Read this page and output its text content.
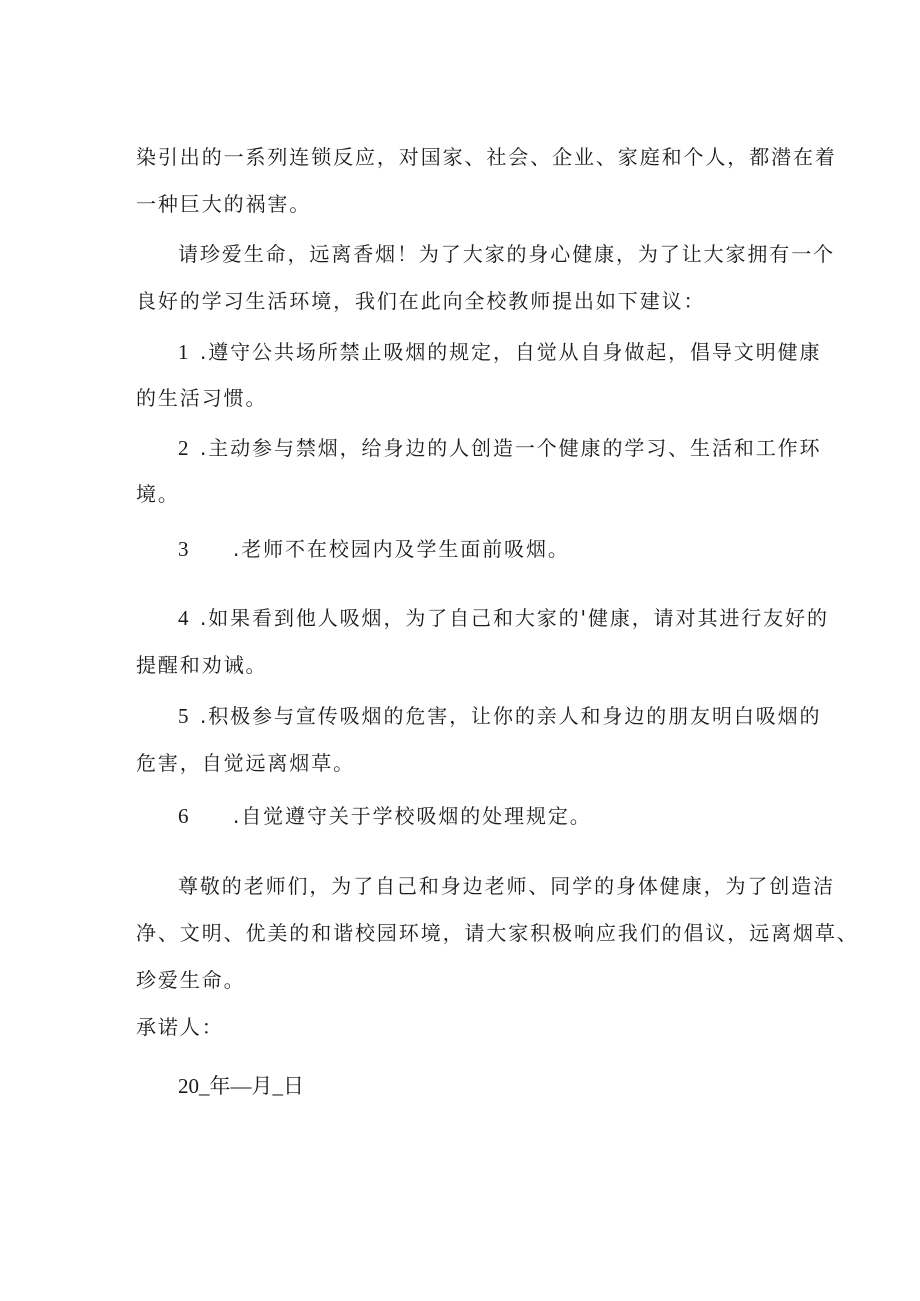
染引出的一系列连锁反应，对国家、社会、企业、家庭和个人，都潜在着
一种巨大的祸害。
请珍爱生命，远离香烟！为了大家的身心健康，为了让大家拥有一个
良好的学习生活环境，我们在此向全校教师提出如下建议：
1 .遵守公共场所禁止吸烟的规定，自觉从自身做起，倡导文明健康
的生活习惯。
2 .主动参与禁烟，给身边的人创造一个健康的学习、生活和工作环
境。
3 .老师不在校园内及学生面前吸烟。
4 .如果看到他人吸烟，为了自己和大家的'健康，请对其进行友好的
提醒和劝诫。
5 .积极参与宣传吸烟的危害，让你的亲人和身边的朋友明白吸烟的
危害，自觉远离烟草。
6 .自觉遵守关于学校吸烟的处理规定。
尊敬的老师们，为了自己和身边老师、同学的身体健康，为了创造洁
净、文明、优美的和谐校园环境，请大家积极响应我们的倡议，远离烟草、
珍爱生命。
承诺人：
20_年—月_日
